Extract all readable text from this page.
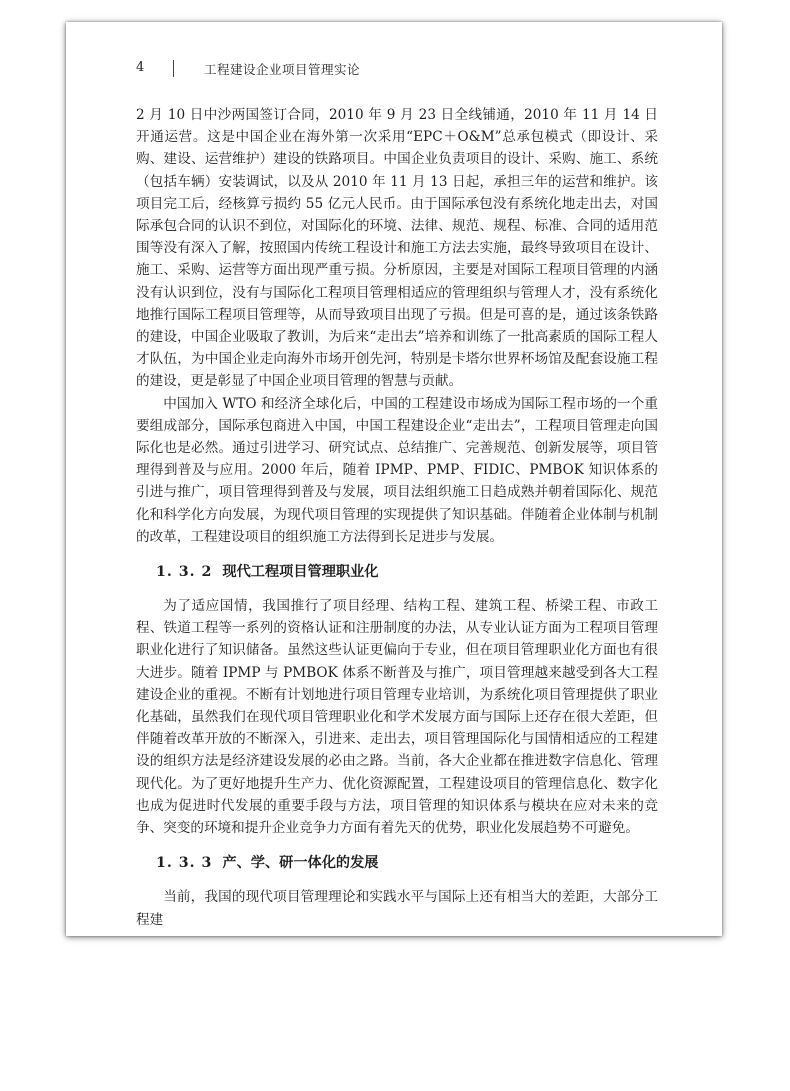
4	工程建设企业项目管理实论

2 月 10 日中沙两国签订合同，2010 年 9 月 23 日全线铺通，2010 年 11 月 14 日开通运营。这是中国企业在海外第一次采用“EPC＋O&M”总承包模式（即设计、采购、建设、运营维护）建设的铁路项目。中国企业负责项目的设计、采购、施工、系统（包括车辆）安装调试，以及从 2010 年 11 月 13 日起，承担三年的运营和维护。该项目完工后，经核算亏损约 55 亿元人民币。由于国际承包没有系统化地走出去，对国际承包合同的认识不到位，对国际化的环境、法律、规范、规程、标准、合同的适用范围等没有深入了解，按照国内传统工程设计和施工方法去实施，最终导致项目在设计、施工、采购、运营等方面出现严重亏损。分析原因，主要是对国际工程项目管理的内涵没有认识到位，没有与国际化工程项目管理相适应的管理组织与管理人才，没有系统化地推行国际工程项目管理等，从而导致项目出现了亏损。但是可喜的是，通过该条铁路的建设，中国企业吸取了教训，为后来“走出去”培养和训练了一批高素质的国际工程人才队伍，为中国企业走向海外市场开创先河，特别是卡塔尔世界杯场馆及配套设施工程的建设，更是彰显了中国企业项目管理的智慧与贡献。

中国加入 WTO 和经济全球化后，中国的工程建设市场成为国际工程市场的一个重要组成部分，国际承包商进入中国，中国工程建设企业“走出去”，工程项目管理走向国际化也是必然。通过引进学习、研究试点、总结推广、完善规范、创新发展等，项目管理得到普及与应用。2000 年后，随着 IPMP、PMP、FIDIC、PMBOK 知识体系的引进与推广，项目管理得到普及与发展，项目法组织施工日趋成熟并朝着国际化、规范化和科学化方向发展，为现代项目管理的实现提供了知识基础。伴随着企业体制与机制的改革，工程建设项目的组织施工方法得到长足进步与发展。

1. 3. 2 现代工程项目管理职业化

为了适应国情，我国推行了项目经理、结构工程、建筑工程、桥梁工程、市政工程、铁道工程等一系列的资格认证和注册制度的办法，从专业认证方面为工程项目管理职业化进行了知识储备。虽然这些认证更偏向于专业，但在项目管理职业化方面也有很大进步。随着 IPMP 与 PMBOK 体系不断普及与推广，项目管理越来越受到各大工程建设企业的重视。不断有计划地进行项目管理专业培训，为系统化项目管理提供了职业化基础，虽然我们在现代项目管理职业化和学术发展方面与国际上还存在很大差距，但伴随着改革开放的不断深入，引进来、走出去，项目管理国际化与国情相适应的工程建设的组织方法是经济建设发展的必由之路。当前，各大企业都在推进数字信息化、管理现代化。为了更好地提升生产力、优化资源配置，工程建设项目的管理信息化、数字化也成为促进时代发展的重要手段与方法，项目管理的知识体系与模块在应对未来的竞争、突变的环境和提升企业竞争力方面有着先天的优势，职业化发展趋势不可避免。

1. 3. 3 产、学、研一体化的发展

当前，我国的现代项目管理理论和实践水平与国际上还有相当大的差距，大部分工程建
